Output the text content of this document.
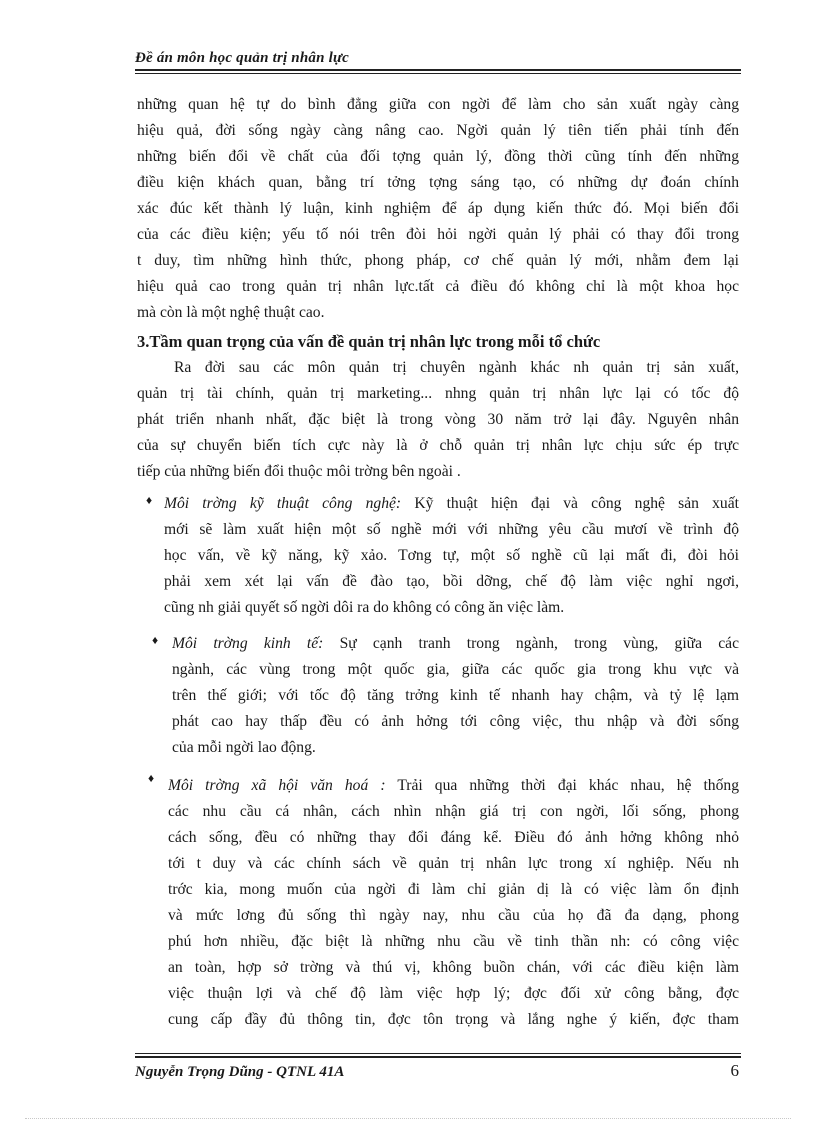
Đề án môn học quản trị nhân lực
những quan hệ tự do bình đẳng giữa con ngời để làm cho sản xuất ngày càng
hiệu quả, đời sống ngày càng nâng cao. Ngời quản lý tiên tiến phải tính đến
những biến đổi về chất của đối tợng quản lý, đồng thời cũng tính đến những
điều kiện khách quan, bằng trí tởng tợng sáng tạo, có những dự đoán chính
xác đúc kết thành lý luận, kinh nghiệm để áp dụng kiến thức đó. Mọi biến đổi
của các điều kiện; yếu tố nói trên đòi hỏi ngời quản lý phải có thay đổi trong
t duy, tìm những hình thức, phong pháp, cơ chế quản lý mới, nhằm đem lại
hiệu quả cao trong quản trị nhân lực.tất cả điều đó không chỉ là một khoa học
mà còn là một nghệ thuật cao.
3.Tầm quan trọng của vấn đề quản trị nhân lực trong mỗi tổ chức
Ra đời sau các môn quản trị chuyên ngành khác nh quản trị sản xuất,
quản trị tài chính, quản trị marketing... nhng quản trị nhân lực lại có tốc độ
phát triển nhanh nhất, đặc biệt là trong vòng 30 năm trở lại đây. Nguyên nhân
của sự chuyển biến tích cực này là ở chỗ quản trị nhân lực chịu sức ép trực
tiếp của những biến đổi thuộc môi trờng bên ngoài .
♦ Môi trờng kỹ thuật công nghệ: Kỹ thuật hiện đại và công nghệ sản xuất
mới sẽ làm xuất hiện một số nghề mới với những yêu cầu mươí về trình độ
học vấn, về kỹ năng, kỹ xảo. Tơng tự, một số nghề cũ lại mất đi, đòi hỏi
phải xem xét lại vấn đề đào tạo, bồi dỡng, chế độ làm việc nghỉ ngơi,
cũng nh giải quyết số ngời dôi ra do không có công ăn việc làm.
♦ Môi trờng kinh tế: Sự cạnh tranh trong ngành, trong vùng, giữa các
ngành, các vùng trong một quốc gia, giữa các quốc gia trong khu vực và
trên thế giới; với tốc độ tăng trởng kinh tế nhanh hay chậm, và tỷ lệ lạm
phát cao hay thấp đều có ảnh hởng tới công việc, thu nhập và đời sống
của mỗi ngời lao động.
♦ Môi trờng xã hội văn hoá : Trải qua những thời đại khác nhau, hệ thống
các nhu cầu cá nhân, cách nhìn nhận giá trị con ngời, lối sống, phong
cách sống, đều có những thay đổi đáng kể. Điều đó ảnh hởng không nhỏ
tới t duy và các chính sách về quản trị nhân lực trong xí nghiệp. Nếu nh
trớc kia, mong muốn của ngời đi làm chỉ giản dị là có việc làm ổn định
và mức lơng đủ sống thì ngày nay, nhu cầu của họ đã đa dạng, phong
phú hơn nhiều, đặc biệt là những nhu cầu về tinh thần nh: có công việc
an toàn, hợp sở trờng và thú vị, không buồn chán, với các điều kiện làm
việc thuận lợi và chế độ làm việc hợp lý; đợc đối xử công bằng, đợc
cung cấp đầy đủ thông tin, đợc tôn trọng và lắng nghe ý kiến, đợc tham
Nguyễn Trọng Dũng - QTNL 41A	6
